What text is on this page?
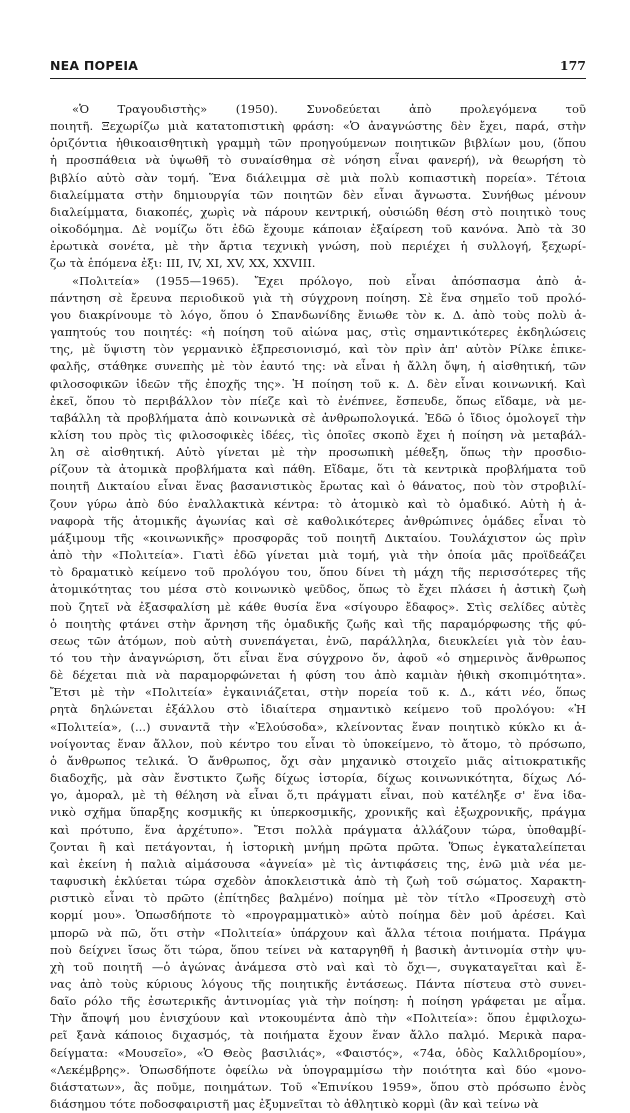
ΝΕΑ ΠΟΡΕΙΑ	177
«Ὁ Τραγουδιστὴς» (1950). Συνοδεύεται ἀπὸ προλεγόμενα τοῦ
ποιητῆ. Ξεχωρίζω μιὰ κατατοπιστικὴ φράση: «Ὁ ἀναγνώστης δὲν ἔχει, παρά, στὴν
ὁριζόντια ἠθικοαισθητικὴ γραμμὴ τῶν προηγούμενων ποιητικῶν βιβλίων μου, (ὅπου
ἡ προσπάθεια νὰ ὑψωθῆ τὸ συναίσθημα σὲ νόηση εἶναι φανερή), νὰ θεωρήση τὸ
βιβλίο αὐτὸ σὰν τομή. Ἕνα διάλειμμα σὲ μιὰ πολὺ κοπιαστικὴ πορεία». Τέτοια
διαλείμματα στὴν δημιουργία τῶν ποιητῶν δὲν εἶναι ἄγνωστα. Συνήθως μένουν
διαλείμματα, διακοπές, χωρὶς νὰ πάρουν κεντρική, οὐσιώδη θέση στὸ ποιητικὸ τους
οἰκοδόμημα. Δὲ νομίζω ὅτι ἐδῶ ἔχουμε κάποιαν ἐξαίρεση τοῦ κανόνα. Ἀπὸ τὰ 30
ἐρωτικὰ σονέτα, μὲ τὴν ἄρτια τεχνικὴ γνώση, ποὺ περιέχει ἡ συλλογή, ξεχωρί-
ζω τὰ ἑπόμενα ἐξι: III, IV, XI, XV, XX, XXVIII.
«Πολιτεία» (1955—1965). Ἔχει πρόλογο, ποὺ εἶναι ἀπόσπασμα ἀπὸ ἀ-
πάντηση σὲ ἔρευνα περιοδικοῦ γιὰ τὴ σύγχρονη ποίηση. Σὲ ἕνα σημεῖο τοῦ προλό-
γου διακρίνουμε τὸ λόγο, ὅπου ὁ Σπανδωνίδης ἔνιωθε τὸν κ. Δ. ἀπὸ τοὺς πολὺ ἀ-
γαπητούς του ποιητές: «ἡ ποίηση τοῦ αἰώνα μας, στὶς σημαντικότερες ἐκδηλώσεις
της, μὲ ὕψιστη τὸν γερμανικὸ ἐξπρεσιονισμό, καὶ τὸν πρὶν ἀπ' αὐτὸν Ρίλκε ἐπικε-
φαλῆς, στάθηκε συνεπὴς μὲ τὸν ἑαυτό της: νὰ εἶναι ἡ ἄλλη ὄψη, ἡ αἰσθητική, τῶν
φιλοσοφικῶν ἰδεῶν τῆς ἐποχῆς της». Ἡ ποίηση τοῦ κ. Δ. δὲν εἶναι κοινωνική. Καὶ
ἐκεῖ, ὅπου τὸ περιβάλλον τὸν πίεζε καὶ τὸ ἐνέπνεε, ἔσπευδε, ὅπως εἴδαμε, νὰ με-
ταβάλλη τὰ προβλήματα ἀπὸ κοινωνικὰ σὲ ἀνθρωπολογικά. Ἐδῶ ὁ ἴδιος ὁμολογεῖ τὴν
κλίση του πρὸς τὶς φιλοσοφικὲς ἰδέες, τὶς ὁποῖες σκοπὸ ἔχει ἡ ποίηση νὰ μεταβάλ-
λη σὲ αἰσθητική. Αὐτὸ γίνεται μὲ τὴν προσωπικὴ μέθεξη, ὅπως τὴν προσδιο-
ρίζουν τὰ ἀτομικὰ προβλήματα καὶ πάθη. Εἴδαμε, ὅτι τὰ κεντρικὰ προβλήματα τοῦ
ποιητῆ Δικταίου εἶναι ἕνας βασανιστικὸς ἔρωτας καὶ ὁ θάνατος, ποὺ τὸν στροβιλί-
ζουν γύρω ἀπὸ δύο ἐναλλακτικὰ κέντρα: τὸ ἀτομικὸ καὶ τὸ ὁμαδικό. Αὐτὴ ἡ ἀ-
ναφορὰ τῆς ἀτομικῆς ἀγωνίας καὶ σὲ καθολικότερες ἀνθρώπινες ὁμάδες εἶναι τὸ
μάξιμουμ τῆς «κοινωνικῆς» προσφορᾶς τοῦ ποιητῆ Δικταίου. Τουλάχιστον ὡς πρὶν
ἀπὸ τὴν «Πολιτεία». Γιατὶ ἐδῶ γίνεται μιὰ τομή, γιὰ τὴν ὁποία μᾶς προϊδεάζει
τὸ δραματικὸ κείμενο τοῦ προλόγου του, ὅπου δίνει τὴ μάχη τῆς περισσότερες τῆς
ἀτομικότητας του μέσα στὸ κοινωνικὸ ψεῦδος, ὅπως τὸ ἔχει πλάσει ἡ ἀστικὴ ζωὴ
ποὺ ζητεῖ νὰ ἐξασφαλίση μὲ κάθε θυσία ἕνα «σίγουρο ἔδαφος». Στὶς σελίδες αὐτὲς
ὁ ποιητὴς φτάνει στὴν ἄρνηση τῆς ὁμαδικῆς ζωῆς καὶ τῆς παραμόρφωσης τῆς φύ-
σεως τῶν ἀτόμων, ποὺ αὐτὴ συνεπάγεται, ἐνῶ, παράλληλα, διευκλείει γιὰ τὸν ἑαυ-
τό του τὴν ἀναγνώριση, ὅτι εἶναι ἕνα σύγχρονο ὄν, ἀφοῦ «ὁ σημερινὸς ἄνθρωπος
δὲ δέχεται πιὰ νὰ παραμορφώνεται ἡ φύση του ἀπὸ καμιὰν ἠθικὴ σκοπιμότητα».
Ἔτσι μὲ τὴν «Πολιτεία» ἐγκαινιάζεται, στὴν πορεία τοῦ κ. Δ., κάτι νέο, ὅπως
ρητὰ δηλώνεται ἐξάλλου στὸ ἰδιαίτερα σημαντικὸ κείμενο τοῦ προλόγου: «Ἡ
«Πολιτεία», (...) συναντᾶ τὴν «Ἐλούσοδα», κλείνοντας ἕναν ποιητικὸ κύκλο κι ἀ-
νοίγοντας ἕναν ἄλλον, ποὺ κέντρο του εἶναι τὸ ὑποκείμενο, τὸ ἄτομο, τὸ πρόσωπο,
ὁ ἄνθρωπος τελικά. Ὁ ἄνθρωπος, ὄχι σὰν μηχανικὸ στοιχεῖο μιᾶς αἰτιοκρατικῆς
διαδοχῆς, μὰ σὰν ἔνστικτο ζωῆς δίχως ἱστορία, δίχως κοινωνικότητα, δίχως Λό-
γο, ἀμοραλ, μὲ τὴ θέληση νὰ εἶναι ὅ,τι πράγματι εἶναι, ποὺ κατέληξε σ' ἕνα ἰδα-
νικὸ σχῆμα ὕπαρξης κοσμικῆς κι ὑπερκοσμικῆς, χρονικῆς καὶ ἐξωχρονικῆς, πράγμα
καὶ πρότυπο, ἕνα ἀρχέτυπο». Ἔτσι πολλὰ πράγματα ἀλλάζουν τώρα, ὑποθαμβί-
ζονται ἢ καὶ πετάγονται, ἡ ἱστορικὴ μνήμη πρῶτα πρῶτα. Ὅπως ἐγκαταλείπεται
καὶ ἐκείνη ἡ παλιὰ αἱμάσουσα «ἀγνεία» μὲ τὶς ἀντιφάσεις της, ἐνῶ μιὰ νέα με-
ταφυσικὴ ἐκλύεται τώρα σχεδὸν ἀποκλειστικὰ ἀπὸ τὴ ζωὴ τοῦ σώματος. Χαρακτη-
ριστικὸ εἶναι τὸ πρῶτο (ἐπίτηδες βαλμένο) ποίημα μὲ τὸν τίτλο «Προσευχὴ στὸ
κορμί μου». Ὁπωσδήποτε τὸ «προγραμματικὸ» αὐτὸ ποίημα δὲν μοῦ ἀρέσει. Καὶ
μπορῶ νὰ πῶ, ὅτι στὴν «Πολιτεία» ὑπάρχουν καὶ ἄλλα τέτοια ποιήματα. Πράγμα
ποὺ δείχνει ἴσως ὅτι τώρα, ὅπου τείνει νὰ καταργηθῆ ἡ βασικὴ ἀντινομία στὴν ψυ-
χὴ τοῦ ποιητῆ —ὁ ἀγώνας ἀνάμεσα στὸ ναὶ καὶ τὸ ὄχι—, συγκαταγεῖται καὶ ἔ-
νας ἀπὸ τοὺς κύριους λόγους τῆς ποιητικῆς ἐντάσεως. Πάντα πίστευα στὸ συνει-
δαῖο ρόλο τῆς ἐσωτερικῆς ἀντινομίας γιὰ τὴν ποίηση: ἡ ποίηση γράφεται με αἷμα.
Τὴν ἄποψή μου ἐνισχύουν καὶ ντοκουμέντα ἀπὸ τὴν «Πολιτεία»: ὅπου ἐμφιλοχω-
ρεῖ ξανὰ κάποιος διχασμός, τὰ ποιήματα ἔχουν ἕναν ἄλλο παλμό. Μερικὰ παρα-
δείγματα: «Μουσεῖο», «Ὁ Θεὸς βασιλιάς», «Φαιστός», «74α, ὁδὸς Καλλιδρομίου»,
«Λεκέμβρης». Ὁπωσδήποτε ὀφείλω νὰ ὑπογραμμίσω τὴν ποιότητα καὶ δύο «μονο-
διάστατων», ἂς ποῦμε, ποιημάτων. Τοῦ «Ἐπινίκου 1959», ὅπου στὸ πρόσωπο ἑνὸς
διάσημου τότε ποδοσφαιριστῆ μας ἐξυμνεῖται τὸ ἀθλητικὸ κορμὶ (ἂν καὶ τείνω νὰ
